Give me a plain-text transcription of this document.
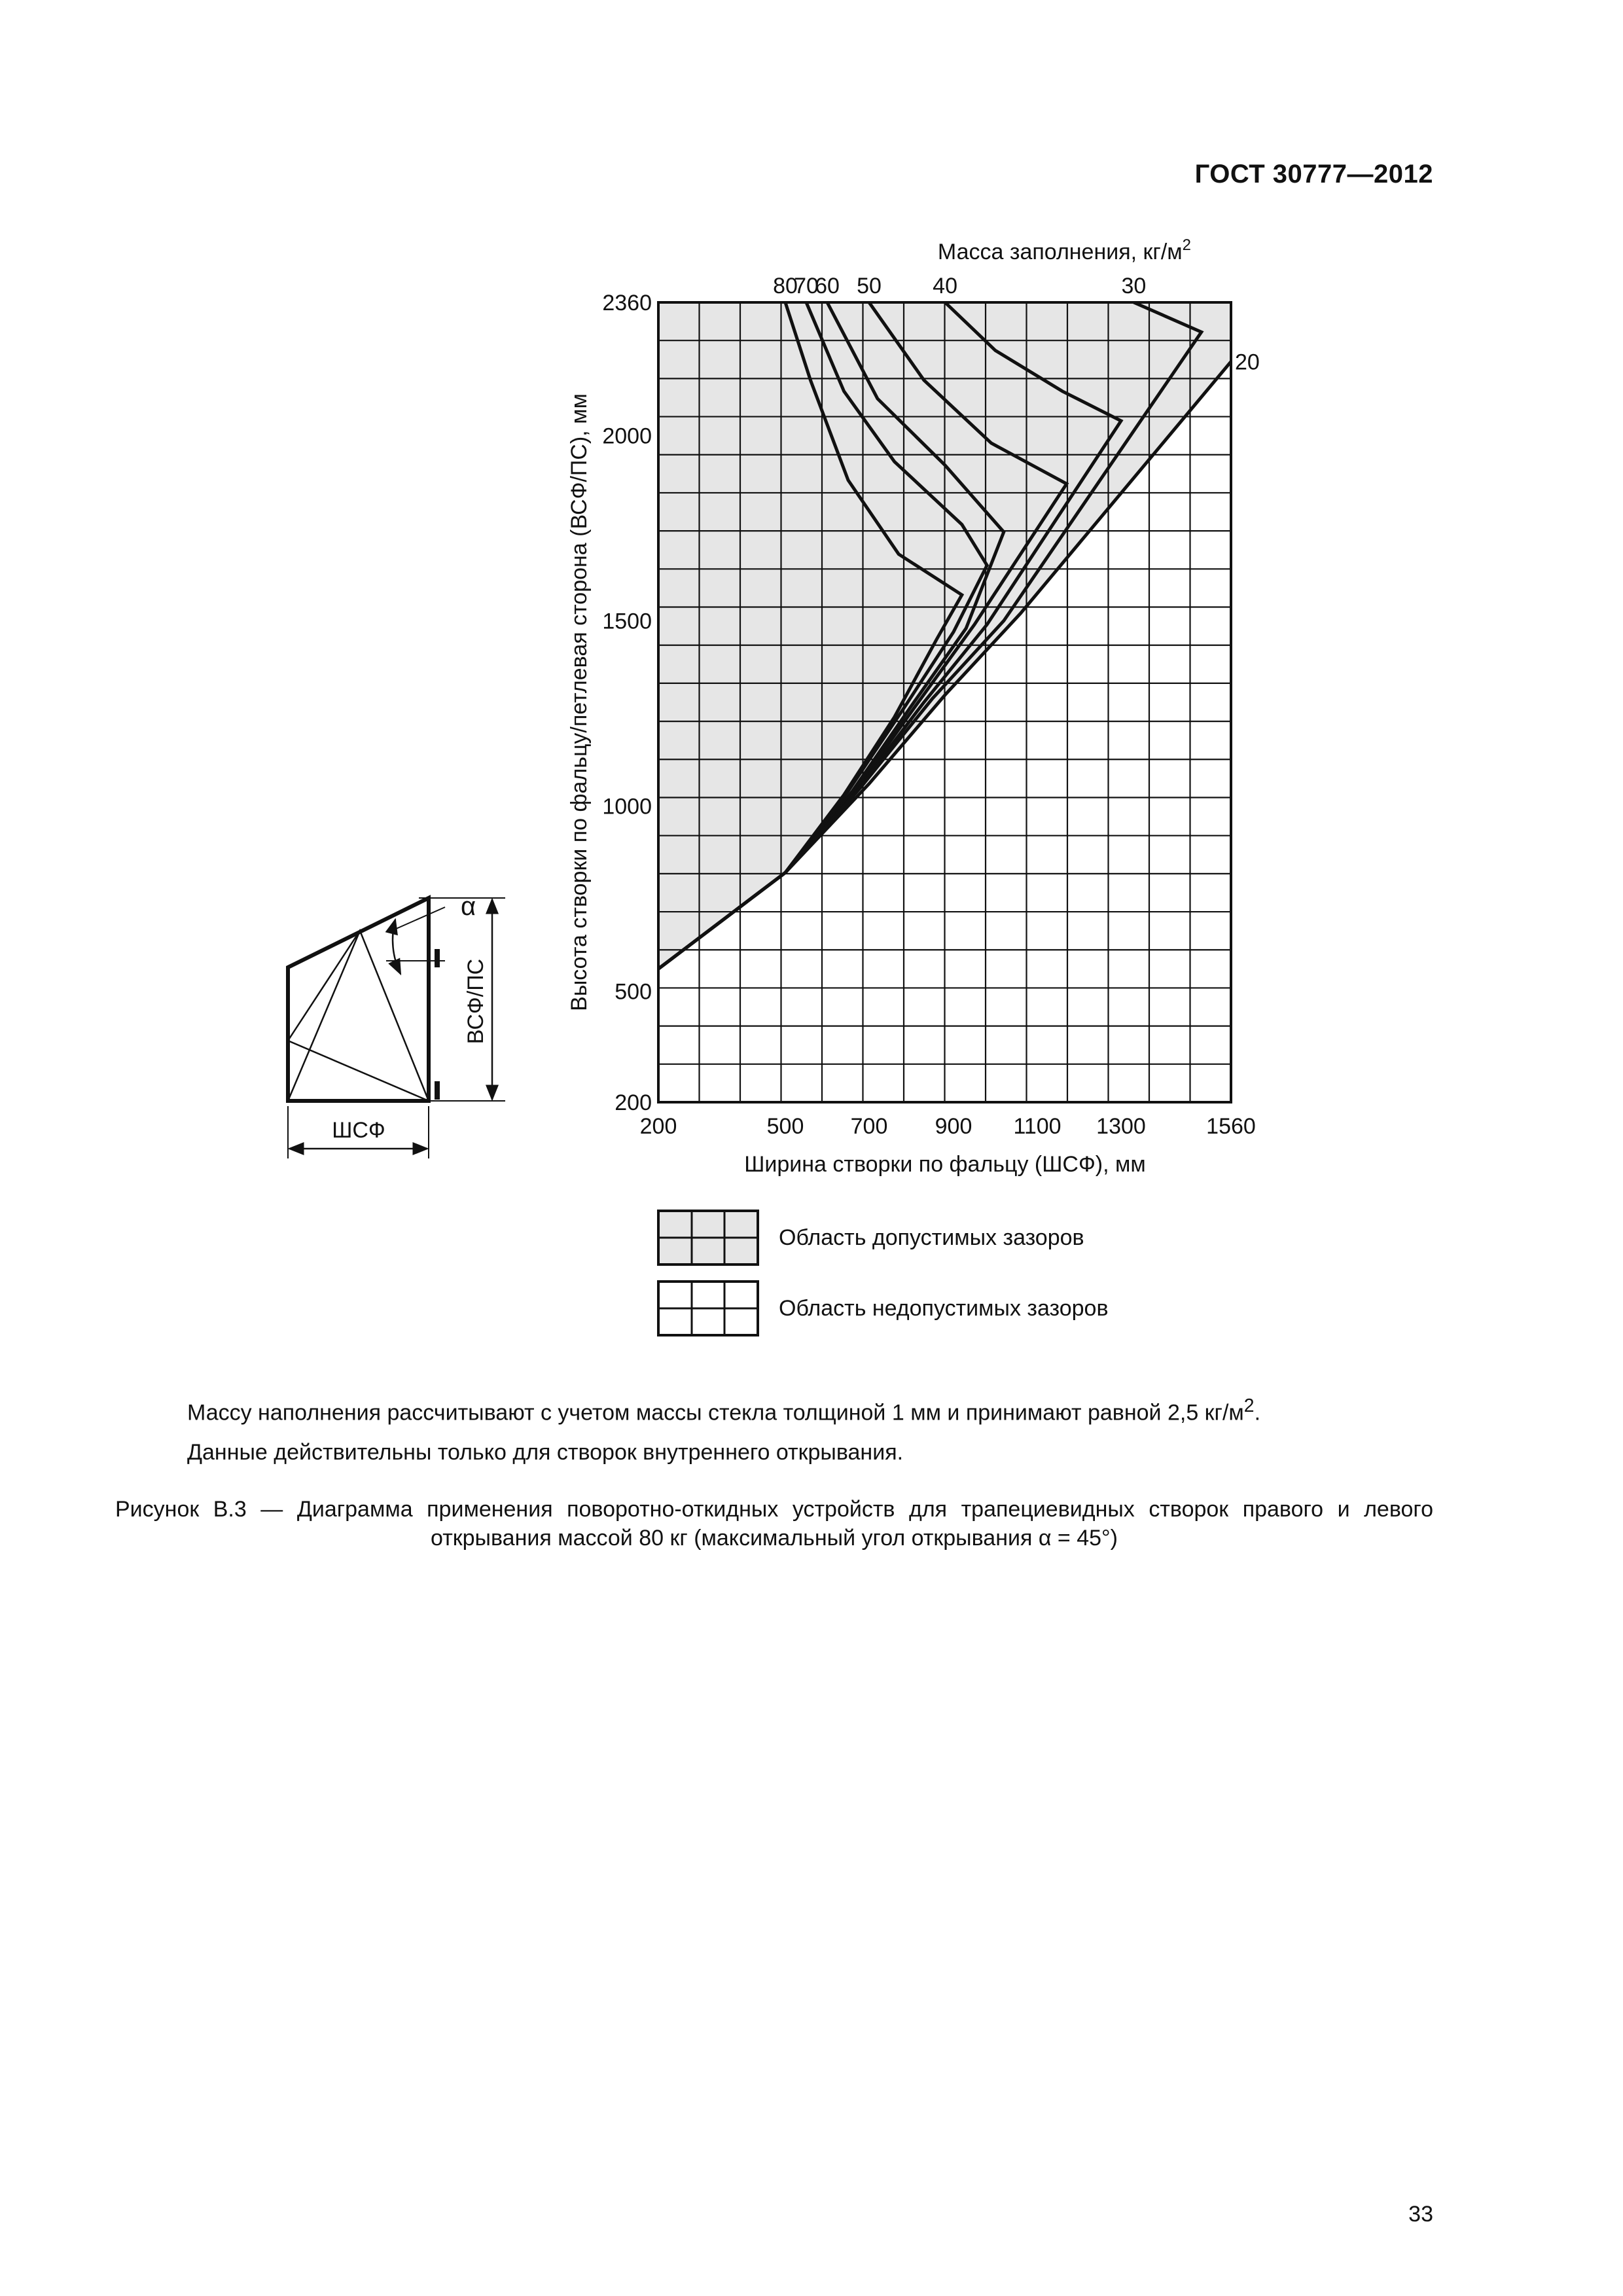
ГОСТ 30777—2012
200	500 700 900 1100 1300	1560
200
500
1000
1500
2000
2360
80
70
60 50 40	30
20
Ширина створки по фальцу (ШСФ), мм
Высота створки по фальцу/петлевая сторона (ВСФ/ПС), мм
Масса заполнения, $кг/м^2$
Область допустимых зазоров
Область недопустимых зазоров
α
ВСФ/ПС
ШСФ
Массу наполнения рассчитывают с учетом массы стекла толщиной 1 мм и принимают равной 2,5 $кг/м^2$.
Данные действительны только для створок внутреннего открывания.
Рисунок В.3 — Диаграмма применения поворотно-откидных устройств для трапециевидных створок правого и левого открывания массой 80 кг (максимальный угол открывания α = 45°)
33
